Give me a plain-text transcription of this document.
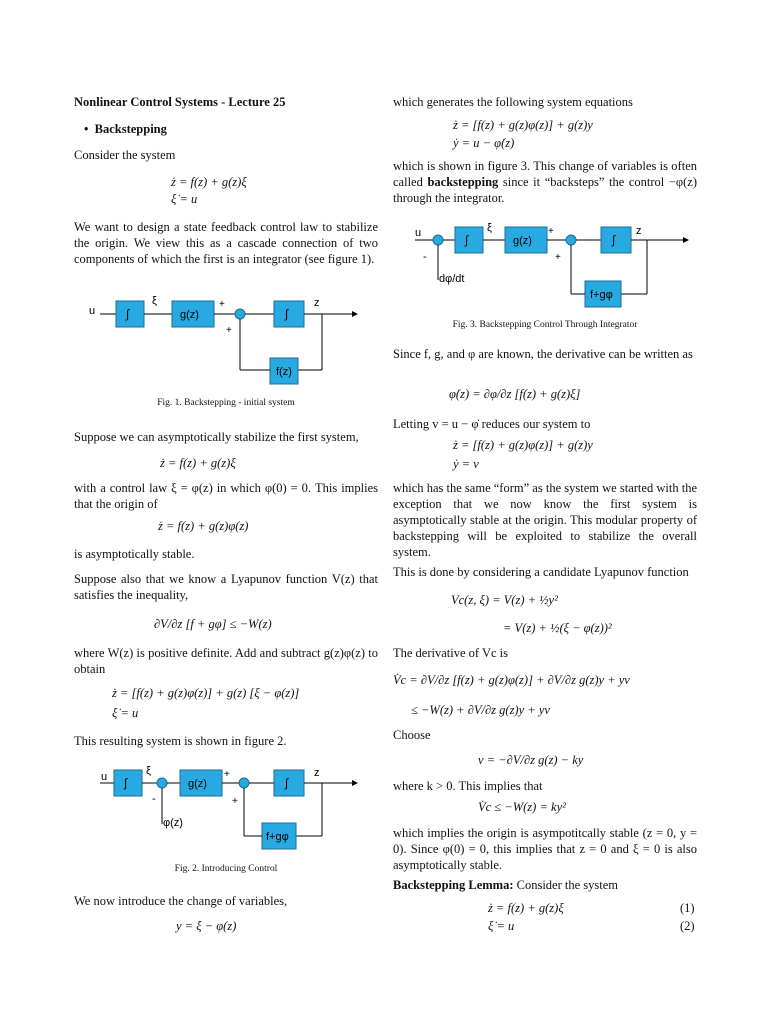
Nonlinear Control Systems - Lecture 25

•  Backstepping

Consider the system

ż = f(z) + g(z)ξ
ξ̇ = u

We want to design a state feedback control law to stabilize the origin. We view this as a cascade connection of two components of which the first is an integrator (see figure 1).

u	∫
ξ
g(z)
+
∫
z
f(z)
+
Fig. 1. Backstepping - initial system

Suppose we can asymptotically stabilize the first system,

ż = f(z) + g(z)ξ

with a control law ξ = φ(z) in which φ(0) = 0. This implies that the origin of

ż = f(z) + g(z)φ(z)

is asymptotically stable.

Suppose also that we know a Lyapunov function V(z) that satisfies the inequality,

∂V/∂z [f + gφ] ≤ −W(z)

where W(z) is positive definite. Add and subtract g(z)φ(z) to obtain

ż = [f(z) + g(z)φ(z)] + g(z) [ξ − φ(z)]
ξ̇ = u

This resulting system is shown in figure 2.

u ∫
ξ
-
φ(z)
g(z)
+
∫
z
f+gφ
+
Fig. 2. Introducing Control

We now introduce the change of variables,

y = ξ − φ(z)

which generates the following system equations

ż = [f(z) + g(z)φ(z)] + g(z)y
ẏ = u − φ̇(z)

which is shown in figure 3. This change of variables is often called backstepping since it “backsteps” the control −φ(z) through the integrator.

u
-
dφ/dt
∫
ξ
g(z)
+
∫
z
f+gφ
+
Fig. 3. Backstepping Control Through Integrator

Since f, g, and φ are known, the derivative can be written as

φ̇(z) = ∂φ/∂z [f(z) + g(z)ξ]

Letting v = u − φ̇ reduces our system to

ż = [f(z) + g(z)φ(z)] + g(z)y
ẏ = v

which has the same “form” as the system we started with the exception that we now know the first system is asymptotically stable at the origin. This modular property of backstepping will be exploited to stabilize the overall system.

This is done by considering a candidate Lyapunov function

Vc(z, ξ) = V(z) + ½y²
= V(z) + ½(ξ − φ(z))²

The derivative of Vc is

V̇c = ∂V/∂z [f(z) + g(z)φ(z)] + ∂V/∂z g(z)y + yv
≤ −W(z) + ∂V/∂z g(z)y + yv

Choose

v = −∂V/∂z g(z) − ky

where k > 0. This implies that

V̇c ≤ −W(z) = ky²

which implies the origin is asympotitcally stable (z = 0, y = 0). Since φ(0) = 0, this implies that z = 0 and ξ = 0 is also asymptotically stable.

Backstepping Lemma: Consider the system

ż = f(z) + g(z)ξ	(1)
ξ̇ = u	(2)
